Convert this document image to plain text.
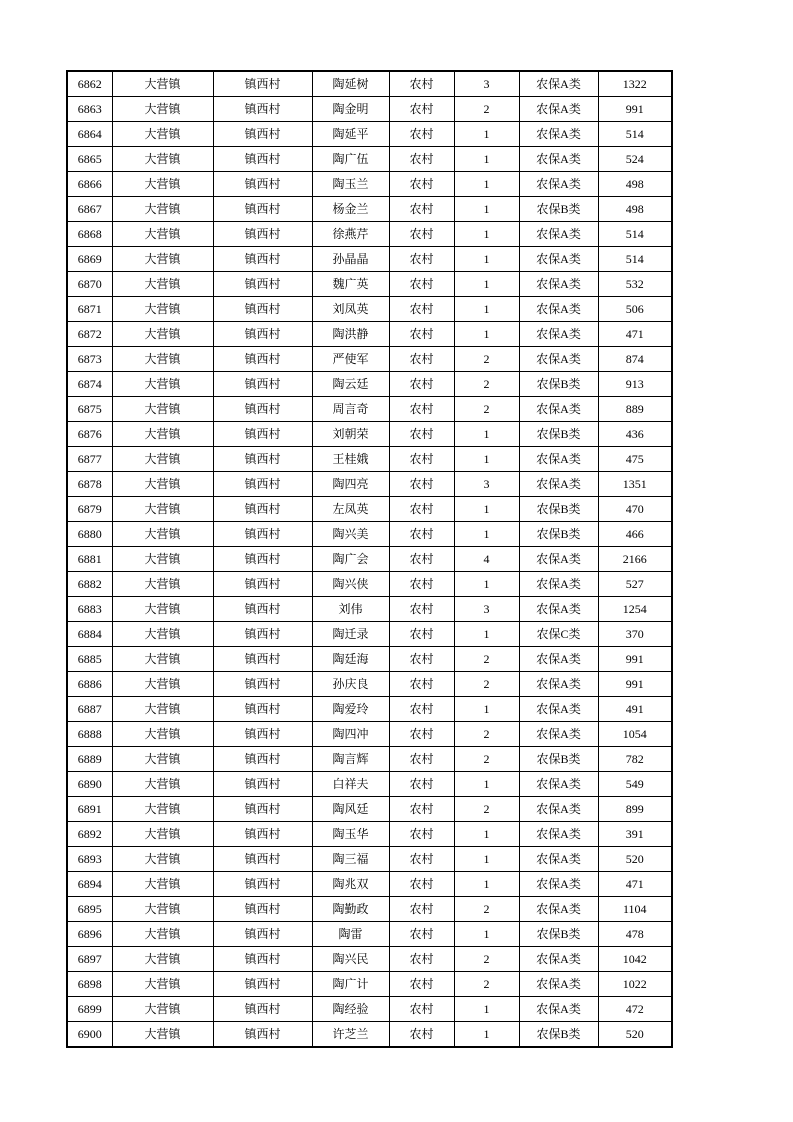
6862	大营镇	镇西村	陶延树	农村	3	农保A类	1322
6863	大营镇	镇西村	陶金明	农村	2	农保A类	991
6864	大营镇	镇西村	陶延平	农村	1	农保A类	514
6865	大营镇	镇西村	陶广伍	农村	1	农保A类	524
6866	大营镇	镇西村	陶玉兰	农村	1	农保A类	498
6867	大营镇	镇西村	杨金兰	农村	1	农保B类	498
6868	大营镇	镇西村	徐燕芹	农村	1	农保A类	514
6869	大营镇	镇西村	孙晶晶	农村	1	农保A类	514
6870	大营镇	镇西村	魏广英	农村	1	农保A类	532
6871	大营镇	镇西村	刘凤英	农村	1	农保A类	506
6872	大营镇	镇西村	陶洪静	农村	1	农保A类	471
6873	大营镇	镇西村	严使军	农村	2	农保A类	874
6874	大营镇	镇西村	陶云廷	农村	2	农保B类	913
6875	大营镇	镇西村	周言奇	农村	2	农保A类	889
6876	大营镇	镇西村	刘朝荣	农村	1	农保B类	436
6877	大营镇	镇西村	王桂娥	农村	1	农保A类	475
6878	大营镇	镇西村	陶四亮	农村	3	农保A类	1351
6879	大营镇	镇西村	左凤英	农村	1	农保B类	470
6880	大营镇	镇西村	陶兴美	农村	1	农保B类	466
6881	大营镇	镇西村	陶广会	农村	4	农保A类	2166
6882	大营镇	镇西村	陶兴侠	农村	1	农保A类	527
6883	大营镇	镇西村	刘伟	农村	3	农保A类	1254
6884	大营镇	镇西村	陶迁录	农村	1	农保C类	370
6885	大营镇	镇西村	陶廷海	农村	2	农保A类	991
6886	大营镇	镇西村	孙庆良	农村	2	农保A类	991
6887	大营镇	镇西村	陶爱玲	农村	1	农保A类	491
6888	大营镇	镇西村	陶四冲	农村	2	农保A类	1054
6889	大营镇	镇西村	陶言辉	农村	2	农保B类	782
6890	大营镇	镇西村	白祥夫	农村	1	农保A类	549
6891	大营镇	镇西村	陶风廷	农村	2	农保A类	899
6892	大营镇	镇西村	陶玉华	农村	1	农保A类	391
6893	大营镇	镇西村	陶三福	农村	1	农保A类	520
6894	大营镇	镇西村	陶兆双	农村	1	农保A类	471
6895	大营镇	镇西村	陶勤政	农村	2	农保A类	1104
6896	大营镇	镇西村	陶雷	农村	1	农保B类	478
6897	大营镇	镇西村	陶兴民	农村	2	农保A类	1042
6898	大营镇	镇西村	陶广计	农村	2	农保A类	1022
6899	大营镇	镇西村	陶经验	农村	1	农保A类	472
6900	大营镇	镇西村	许芝兰	农村	1	农保B类	520
